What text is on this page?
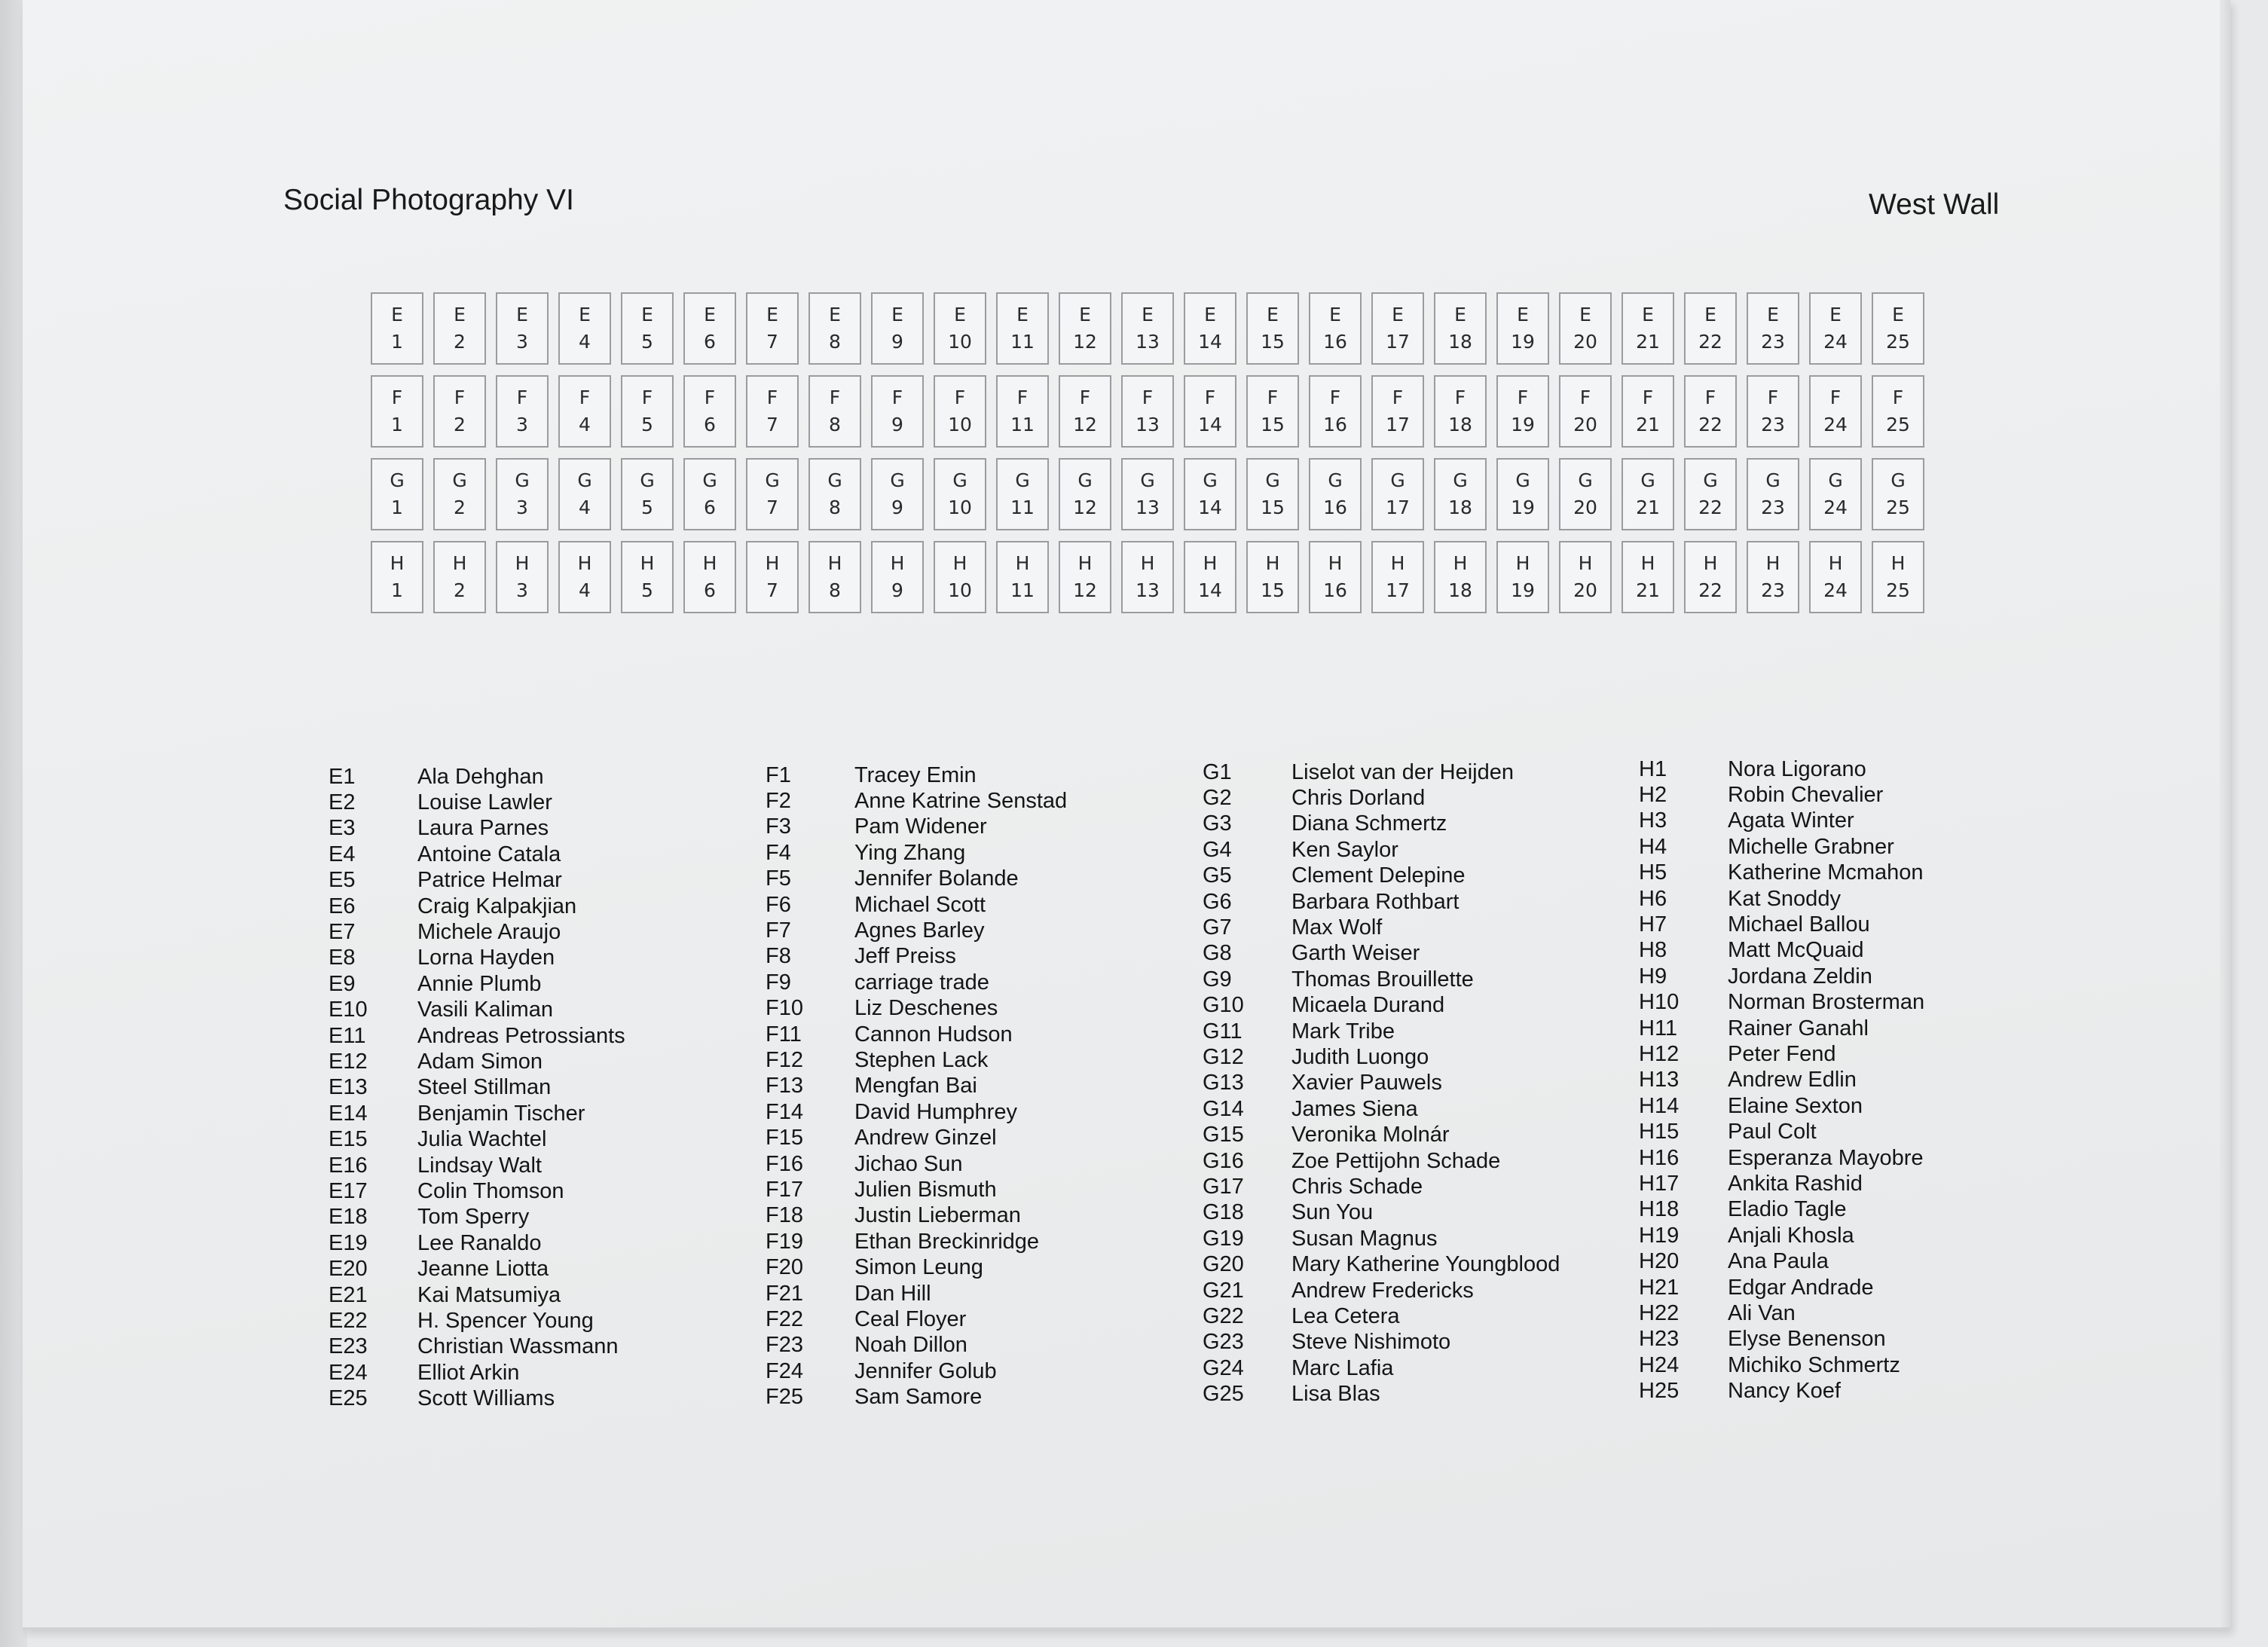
Social Photography VI	West Wall
E
1
E
2
E
3
E
4
E
5
E
6
E
7
E
8
E
9
E
10
E
11
E
12
E
13
E
14
E
15
E
16
E
17
E
18
E
19
E
20
E
21
E
22
E
23
E
24
E
25
F
1
F
2
F
3
F
4
F
5
F
6
F
7
F
8
F
9
F
10
F
11
F
12
F
13
F
14
F
15
F
16
F
17
F
18
F
19
F
20
F
21
F
22
F
23
F
24
F
25
G
1
G
2
G
3
G
4
G
5
G
6
G
7
G
8
G
9
G
10
G
11
G
12
G
13
G
14
G
15
G
16
G
17
G
18
G
19
G
20
G
21
G
22
G
23
G
24
G
25
H
1
H
2
H
3
H
4
H
5
H
6
H
7
H
8
H
9
H
10
H
11
H
12
H
13
H
14
H
15
H
16
H
17
H
18
H
19
H
20
H
21
H
22
H
23
H
24
H
25
E1	Ala Dehghan
E2	Louise Lawler
E3	Laura Parnes
E4	Antoine Catala
E5	Patrice Helmar
E6	Craig Kalpakjian
E7	Michele Araujo
E8	Lorna Hayden
E9	Annie Plumb
E10	Vasili Kaliman
E11	Andreas Petrossiants
E12	Adam Simon
E13	Steel Stillman
E14	Benjamin Tischer
E15	Julia Wachtel
E16	Lindsay Walt
E17	Colin Thomson
E18	Tom Sperry
E19	Lee Ranaldo
E20	Jeanne Liotta
E21	Kai Matsumiya
E22	H. Spencer Young
E23	Christian Wassmann
E24	Elliot Arkin
E25	Scott Williams
F1	Tracey Emin
F2	Anne Katrine Senstad
F3	Pam Widener
F4	Ying Zhang
F5	Jennifer Bolande
F6	Michael Scott
F7	Agnes Barley
F8	Jeff Preiss
F9	carriage trade
F10	Liz Deschenes
F11	Cannon Hudson
F12	Stephen Lack
F13	Mengfan Bai
F14	David Humphrey
F15	Andrew Ginzel
F16	Jichao Sun
F17	Julien Bismuth
F18	Justin Lieberman
F19	Ethan Breckinridge
F20	Simon Leung
F21	Dan Hill
F22	Ceal Floyer
F23	Noah Dillon
F24	Jennifer Golub
F25	Sam Samore
G1	Liselot van der Heijden
G2	Chris Dorland
G3	Diana Schmertz
G4	Ken Saylor
G5	Clement Delepine
G6	Barbara Rothbart
G7	Max Wolf
G8	Garth Weiser
G9	Thomas Brouillette
G10	Micaela Durand
G11	Mark Tribe
G12	Judith Luongo
G13	Xavier Pauwels
G14	James Siena
G15	Veronika Molnár
G16	Zoe Pettijohn Schade
G17	Chris Schade
G18	Sun You
G19	Susan Magnus
G20	Mary Katherine Youngblood
G21	Andrew Fredericks
G22	Lea Cetera
G23	Steve Nishimoto
G24	Marc Lafia
G25	Lisa Blas
H1	Nora Ligorano
H2	Robin Chevalier
H3	Agata Winter
H4	Michelle Grabner
H5	Katherine Mcmahon
H6	Kat Snoddy
H7	Michael Ballou
H8	Matt McQuaid
H9	Jordana Zeldin
H10	Norman Brosterman
H11	Rainer Ganahl
H12	Peter Fend
H13	Andrew Edlin
H14	Elaine Sexton
H15	Paul Colt
H16	Esperanza Mayobre
H17	Ankita Rashid
H18	Eladio Tagle
H19	Anjali Khosla
H20	Ana Paula
H21	Edgar Andrade
H22	Ali Van
H23	Elyse Benenson
H24	Michiko Schmertz
H25	Nancy Koef
